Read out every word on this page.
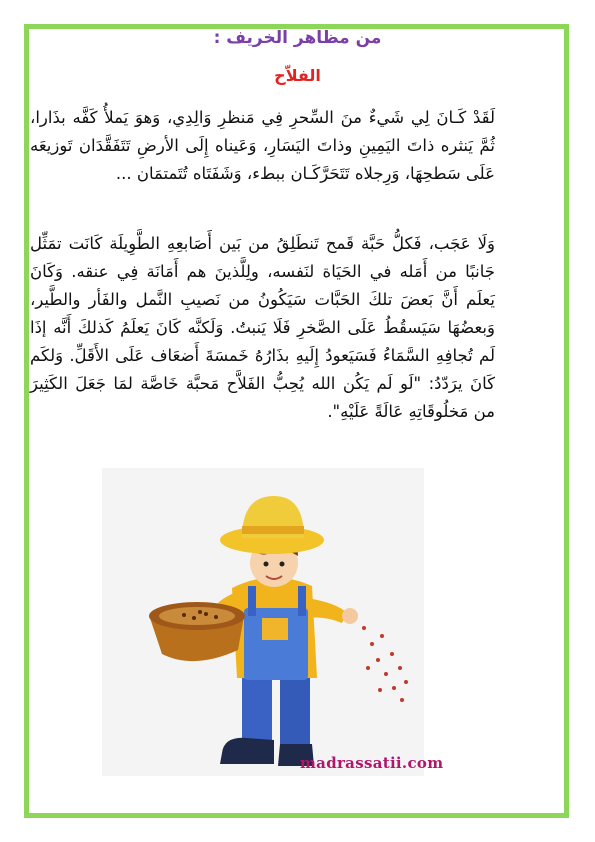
من مظاهر الخريف :
الفلاّح
لَقَدْ كَـانَ لِي شَيءٌ منَ السِّحرِ فِي مَنظرِ وَالِدِي، وَهوَ يَملأُ كَفَّه بذَارا، ثُمَّ يَنثره ذاتَ اليَمِينِ وذاتَ اليَسَارِ، وَعَيناه إِلَى الأرضِ تَتَفَقَّدَان تَوزيعَه عَلَى سَطحِهَا، وَرِجلاه تَتَحَرَّكَـان ببطء، وَشَفَتَاه تُتَمتمَان ...
وَلَا عَجَب، فَكلُّ حَبَّة قَمح تَنطَلِقُ من بَين أَصَابعِهِ الطَّوِيلَة كَانَت تمَثِّل جَانبًا من أَمَله في الحَيَاة لنَفسه، ولِلَّذينَ هم أَمَانَة فِي عنقه. وَكَانَ يَعلَم أَنَّ بَعضَ تلكَ الحَبَّات سَيَكُونُ من نَصيبِ النَّمل والفَأر والطَّير، وَبعضُهَا سَيَسقُطُ عَلَى الصَّخرِ فَلَا يَنبتُ. وَلَكنَّه كَانَ يَعلَمُ كَذلكَ أَنَّه إذَا لَم تُجافِهِ السَّمَاءُ فَسَيَعودُ إِلَيهِ بذَارُهُ خَمسَةَ أَضعَاف عَلَى الأَقَلِّ. وَلكَم كَانَ يرَدّدُ: "لَو لَم يَكُن الله يُحِبُّ الفَلاَّح مَحبَّة خَاصَّة لمَا جَعَلَ الكَثِيرَ من مَخلُوقَاتِهِ عَالَةً عَلَيْهِ".
madrassatii.com
